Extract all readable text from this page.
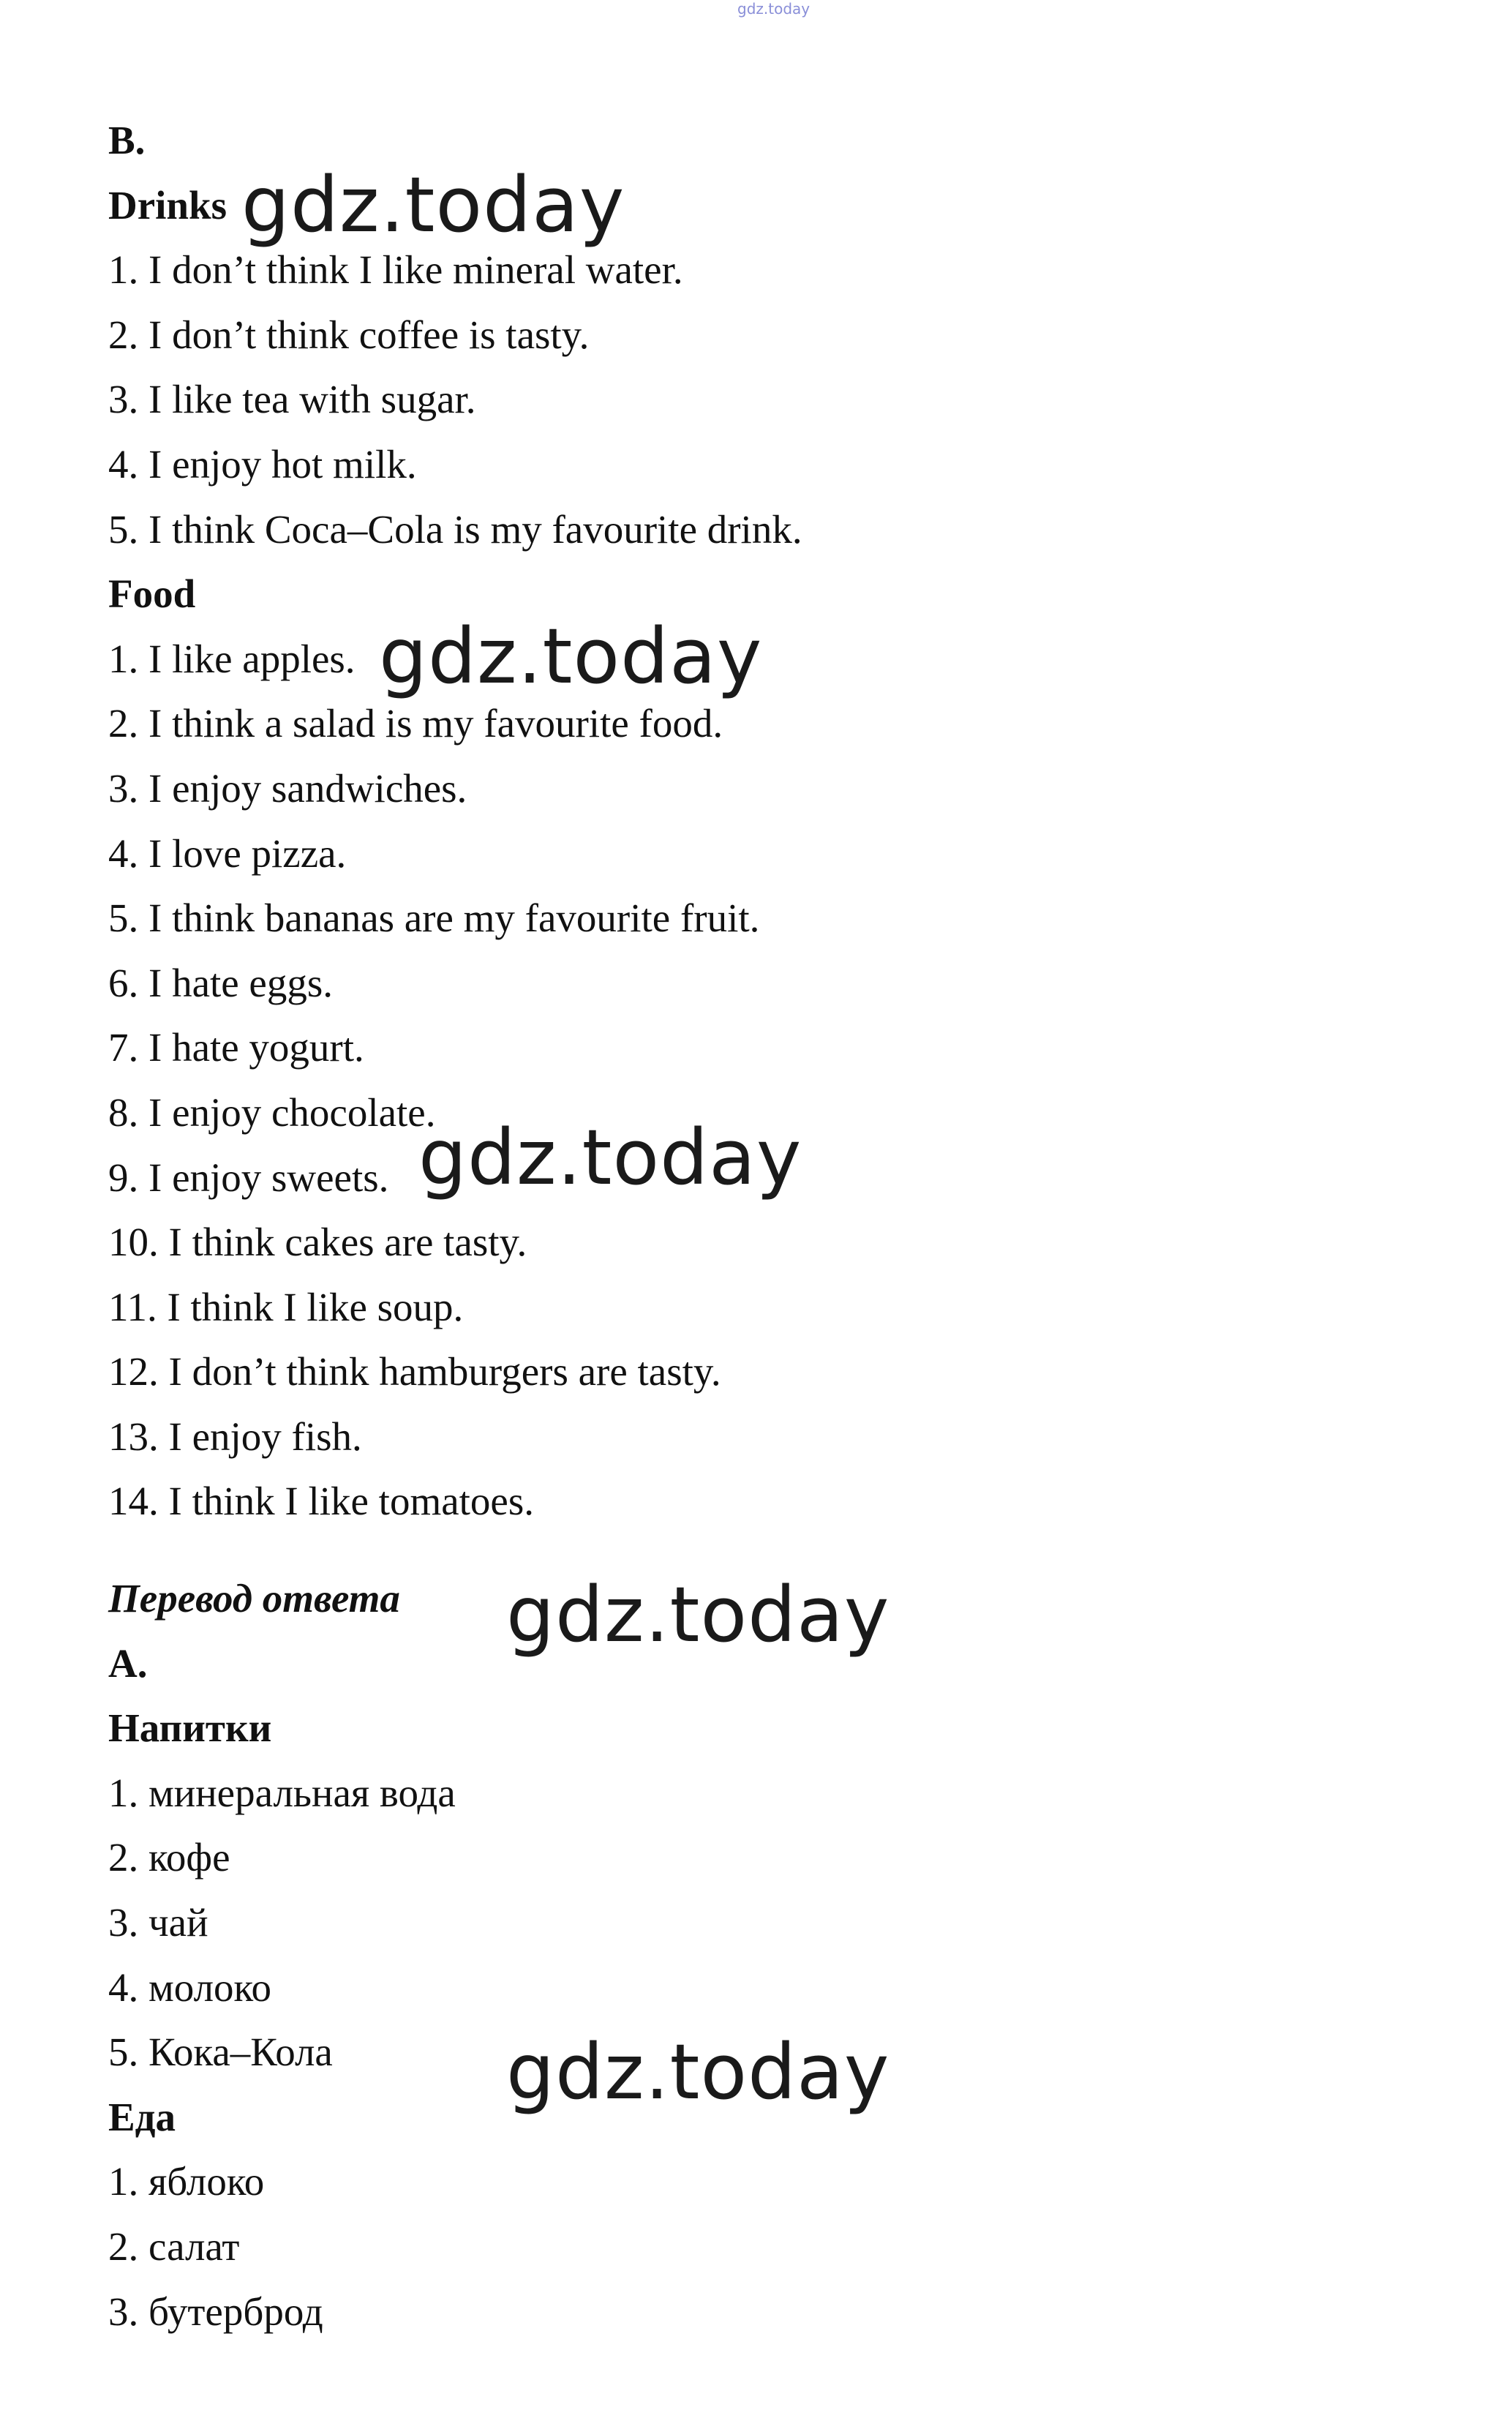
gdz.today

B.

Drinks

1. I don’t think I like mineral water.

2. I don’t think coffee is tasty.

3. I like tea with sugar.

4. I enjoy hot milk.

5. I think Coca–Cola is my favourite drink.

Food

1. I like apples.

2. I think a salad is my favourite food.

3. I enjoy sandwiches.

4. I love pizza.

5. I think bananas are my favourite fruit.

6. I hate eggs.

7. I hate yogurt.

8. I enjoy chocolate.

9. I enjoy sweets.

10. I think cakes are tasty.

11. I think I like soup.

12. I don’t think hamburgers are tasty.

13. I enjoy fish.

14. I think I like tomatoes.

Перевод ответа

A.

Напитки

1. минеральная вода

2. кофе

3. чай

4. молоко

5. Кока–Кола

Еда

1. яблоко

2. салат

3. бутерброд

gdz.today
gdz.today
gdz.today
gdz.today
gdz.today
